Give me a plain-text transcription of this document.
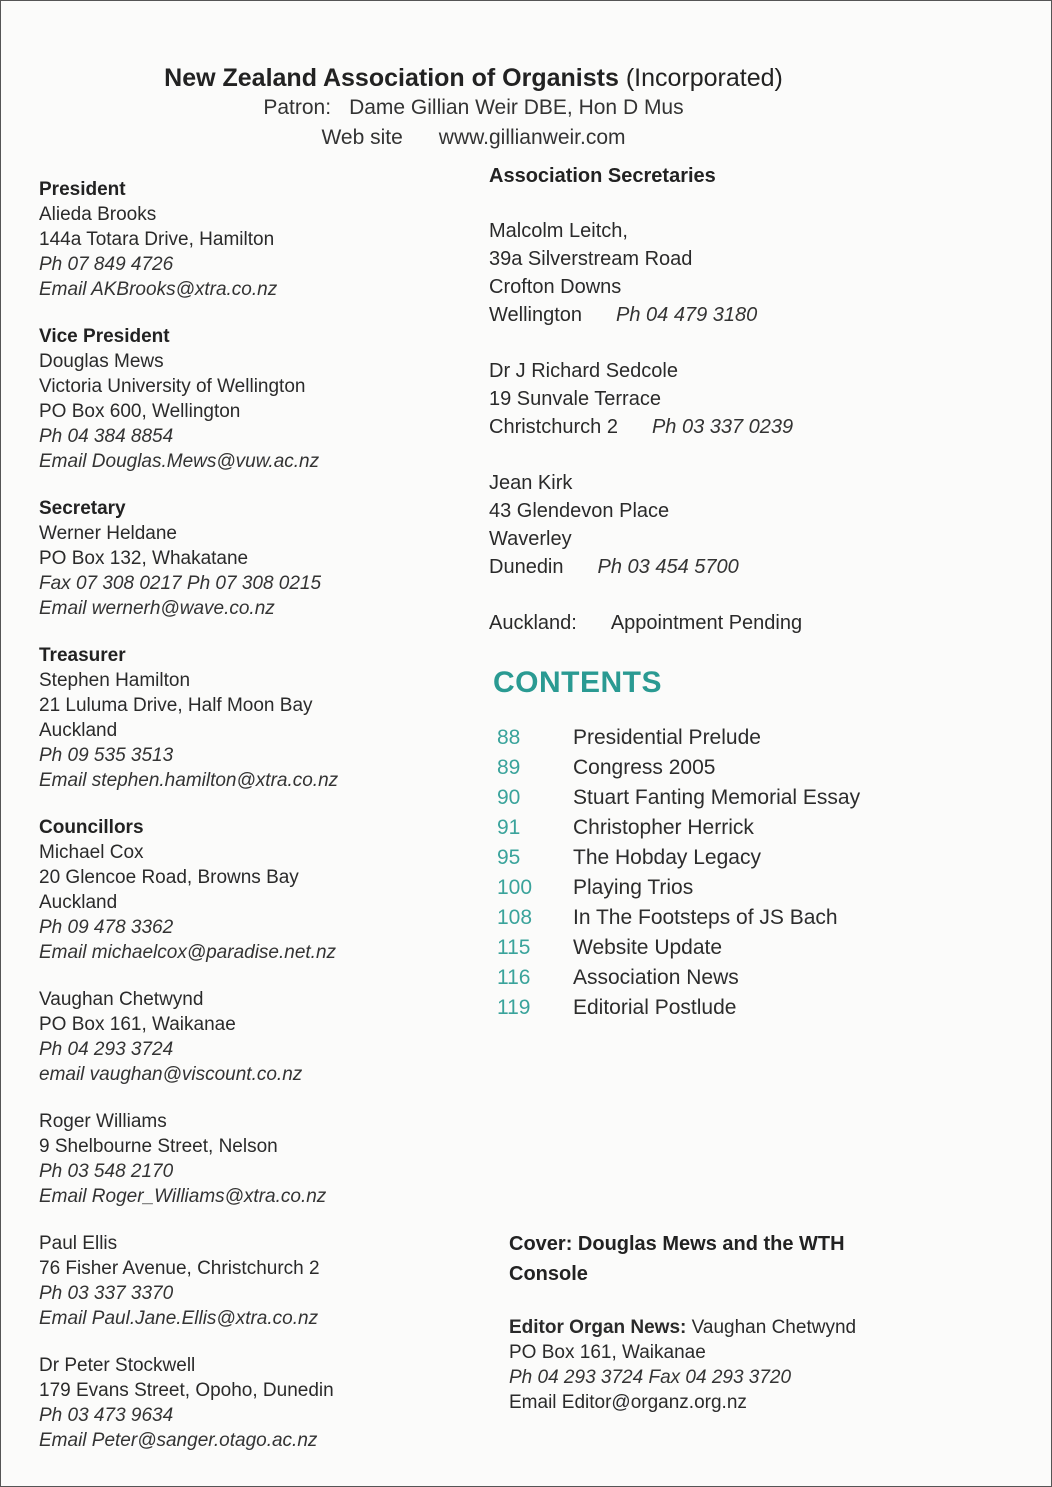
New Zealand Association of Organists (Incorporated)
Patron: Dame Gillian Weir DBE, Hon D Mus
Web site www.gillianweir.com
President
Alieda Brooks
144a Totara Drive, Hamilton
Ph 07 849 4726
Email AKBrooks@xtra.co.nz
Vice President
Douglas Mews
Victoria University of Wellington
PO Box 600, Wellington
Ph 04 384 8854
Email Douglas.Mews@vuw.ac.nz
Secretary
Werner Heldane
PO Box 132, Whakatane
Fax 07 308 0217 Ph 07 308 0215
Email wernerh@wave.co.nz
Treasurer
Stephen Hamilton
21 Luluma Drive, Half Moon Bay
Auckland
Ph 09 535 3513
Email stephen.hamilton@xtra.co.nz
Councillors
Michael Cox
20 Glencoe Road, Browns Bay
Auckland
Ph 09 478 3362
Email michaelcox@paradise.net.nz
Vaughan Chetwynd
PO Box 161, Waikanae
Ph 04 293 3724
email vaughan@viscount.co.nz
Roger Williams
9 Shelbourne Street, Nelson
Ph 03 548 2170
Email Roger_Williams@xtra.co.nz
Paul Ellis
76 Fisher Avenue, Christchurch 2
Ph 03 337 3370
Email Paul.Jane.Ellis@xtra.co.nz
Dr Peter Stockwell
179 Evans Street, Opoho, Dunedin
Ph 03 473 9634
Email Peter@sanger.otago.ac.nz
Association Secretaries
Malcolm Leitch,
39a Silverstream Road
Crofton Downs
Wellington Ph 04 479 3180
Dr J Richard Sedcole
19 Sunvale Terrace
Christchurch 2 Ph 03 337 0239
Jean Kirk
43 Glendevon Place
Waverley
Dunedin Ph 03 454 5700
Auckland: Appointment Pending
CONTENTS
88	Presidential Prelude
89	Congress 2005
90	Stuart Fanting Memorial Essay
91	Christopher Herrick
95	The Hobday Legacy
100	Playing Trios
108	In The Footsteps of JS Bach
115	Website Update
116	Association News
119	Editorial Postlude
Cover: Douglas Mews and the WTH
Console
Editor Organ News: Vaughan Chetwynd
PO Box 161, Waikanae
Ph 04 293 3724 Fax 04 293 3720
Email Editor@organz.org.nz
